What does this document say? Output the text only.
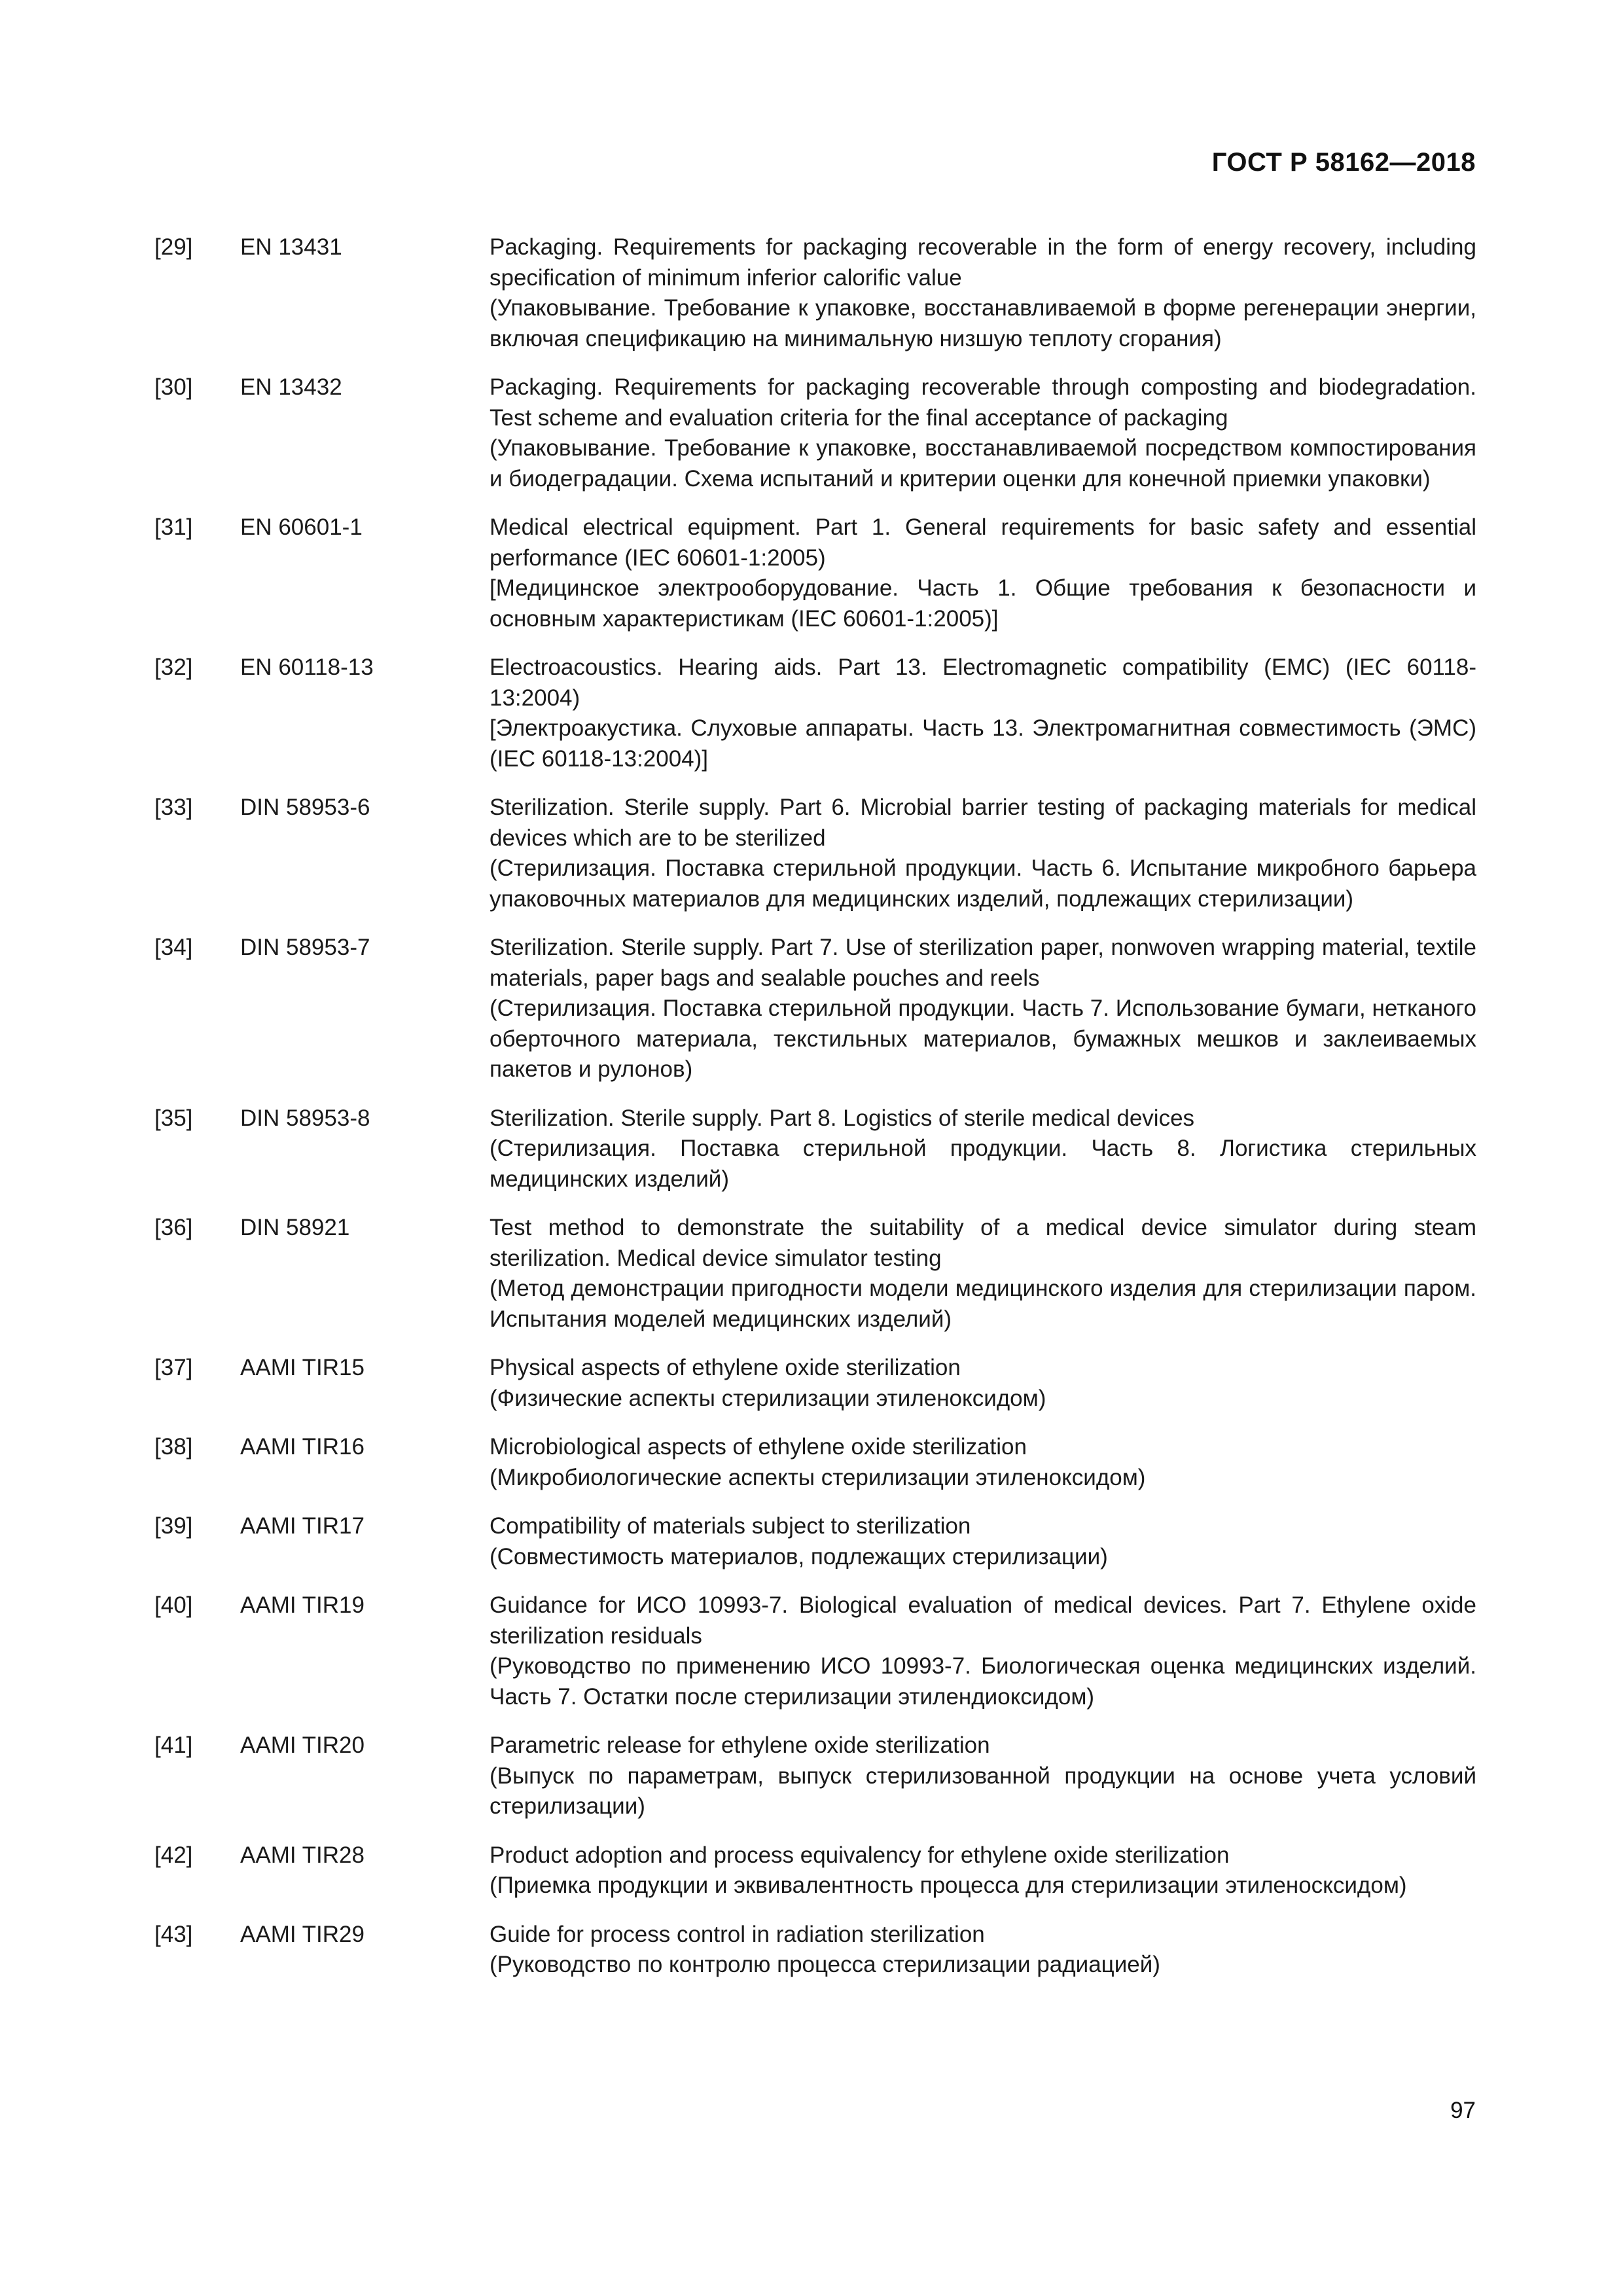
ГОСТ Р 58162—2018
[29]	EN 13431	Packaging. Requirements for packaging recoverable in the form of energy recovery, including specification of minimum inferior calorific value
(Упаковывание. Требование к упаковке, восстанавливаемой в форме регенерации энергии, включая спецификацию на минимальную низшую теплоту сгорания)
[30]	EN 13432	Packaging. Requirements for packaging recoverable through composting and biodegradation. Test scheme and evaluation criteria for the final acceptance of packaging
(Упаковывание. Требование к упаковке, восстанавливаемой посредством компостирования и биодеградации. Схема испытаний и критерии оценки для конечной приемки упаковки)
[31]	EN 60601-1	Medical electrical equipment. Part 1. General requirements for basic safety and essential performance (IEC 60601-1:2005)
[Медицинское электрооборудование. Часть 1. Общие требования к безопасности и основным характеристикам (IEC 60601-1:2005)]
[32]	EN 60118-13	Electroacoustics. Hearing aids. Part 13. Electromagnetic compatibility (EMC) (IEC 60118-13:2004)
[Электроакустика. Слуховые аппараты. Часть 13. Электромагнитная совместимость (ЭМС) (IEC 60118-13:2004)]
[33]	DIN 58953-6	Sterilization. Sterile supply. Part 6. Microbial barrier testing of packaging materials for medical devices which are to be sterilized
(Стерилизация. Поставка стерильной продукции. Часть 6. Испытание микробного барьера упаковочных материалов для медицинских изделий, подлежащих стерилизации)
[34]	DIN 58953-7	Sterilization. Sterile supply. Part 7. Use of sterilization paper, nonwoven wrapping material, textile materials, paper bags and sealable pouches and reels
(Стерилизация. Поставка стерильной продукции. Часть 7. Использование бумаги, нетканого оберточного материала, текстильных материалов, бумажных мешков и заклеиваемых пакетов и рулонов)
[35]	DIN 58953-8	Sterilization. Sterile supply. Part 8. Logistics of sterile medical devices
(Стерилизация. Поставка стерильной продукции. Часть 8. Логистика стерильных медицинских изделий)
[36]	DIN 58921	Test method to demonstrate the suitability of a medical device simulator during steam sterilization. Medical device simulator testing
(Метод демонстрации пригодности модели медицинского изделия для стерилизации паром. Испытания моделей медицинских изделий)
[37]	AAMI TIR15	Physical aspects of ethylene oxide sterilization
(Физические аспекты стерилизации этиленоксидом)
[38]	AAMI TIR16	Microbiological aspects of ethylene oxide sterilization
(Микробиологические аспекты стерилизации этиленоксидом)
[39]	AAMI TIR17	Compatibility of materials subject to sterilization
(Совместимость материалов, подлежащих стерилизации)
[40]	AAMI TIR19	Guidance for ИСО 10993-7. Biological evaluation of medical devices. Part 7. Ethylene oxide sterilization residuals
(Руководство по применению ИСО 10993-7. Биологическая оценка медицинских изделий. Часть 7. Остатки после стерилизации этилендиоксидом)
[41]	AAMI TIR20	Parametric release for ethylene oxide sterilization
(Выпуск по параметрам, выпуск стерилизованной продукции на основе учета условий стерилизации)
[42]	AAMI TIR28	Product adoption and process equivalency for ethylene oxide sterilization
(Приемка продукции и эквивалентность процесса для стерилизации этиленосксидом)
[43]	AAMI TIR29	Guide for process control in radiation sterilization
(Руководство по контролю процесса стерилизации радиацией)
97
